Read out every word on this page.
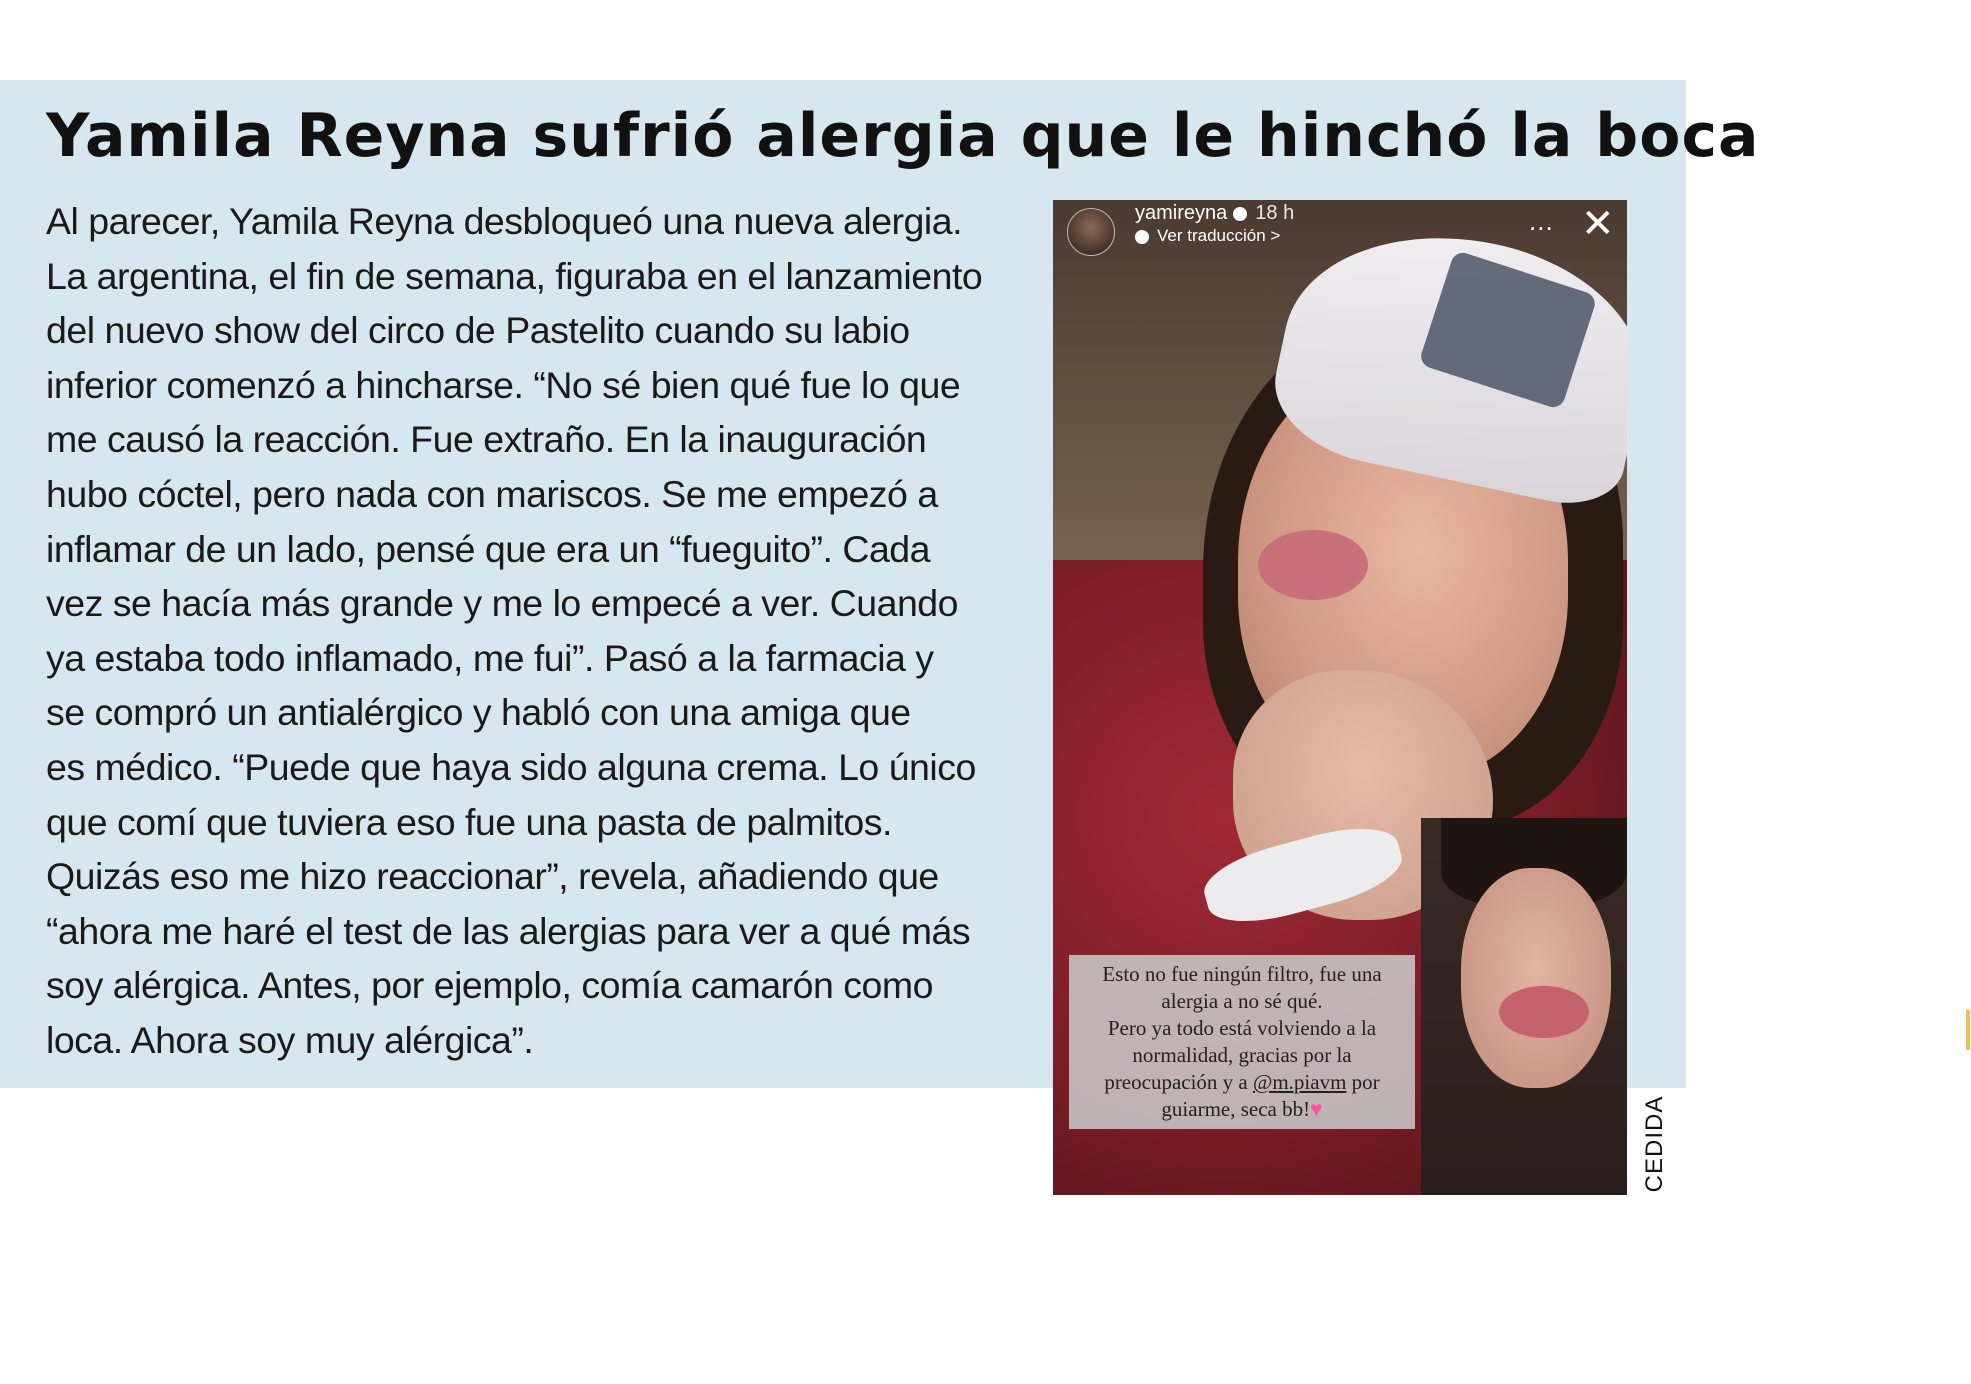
Yamila Reyna sufrió alergia que le hinchó la boca
Al parecer, Yamila Reyna desbloqueó una nueva alergia.
La argentina, el fin de semana, figuraba en el lanzamiento
del nuevo show del circo de Pastelito cuando su labio
inferior comenzó a hincharse. “No sé bien qué fue lo que
me causó la reacción. Fue extraño. En la inauguración
hubo cóctel, pero nada con mariscos. Se me empezó a
inflamar de un lado, pensé que era un “fueguito”. Cada
vez se hacía más grande y me lo empecé a ver. Cuando
ya estaba todo inflamado, me fui”. Pasó a la farmacia y
se compró un antialérgico y habló con una amiga que
es médico. “Puede que haya sido alguna crema. Lo único
que comí que tuviera eso fue una pasta de palmitos.
Quizás eso me hizo reaccionar”, revela, añadiendo que
“ahora me haré el test de las alergias para ver a qué más
soy alérgica. Antes, por ejemplo, comía camarón como
loca. Ahora soy muy alérgica”.
yamireyna 18 h
Ver traducción >	... ✕
Esto no fue ningún filtro, fue una
alergia a no sé qué.
Pero ya todo está volviendo a la
normalidad, gracias por la
preocupación y a @m.piavm por
guiarme, seca bb!♥	CEDIDA
